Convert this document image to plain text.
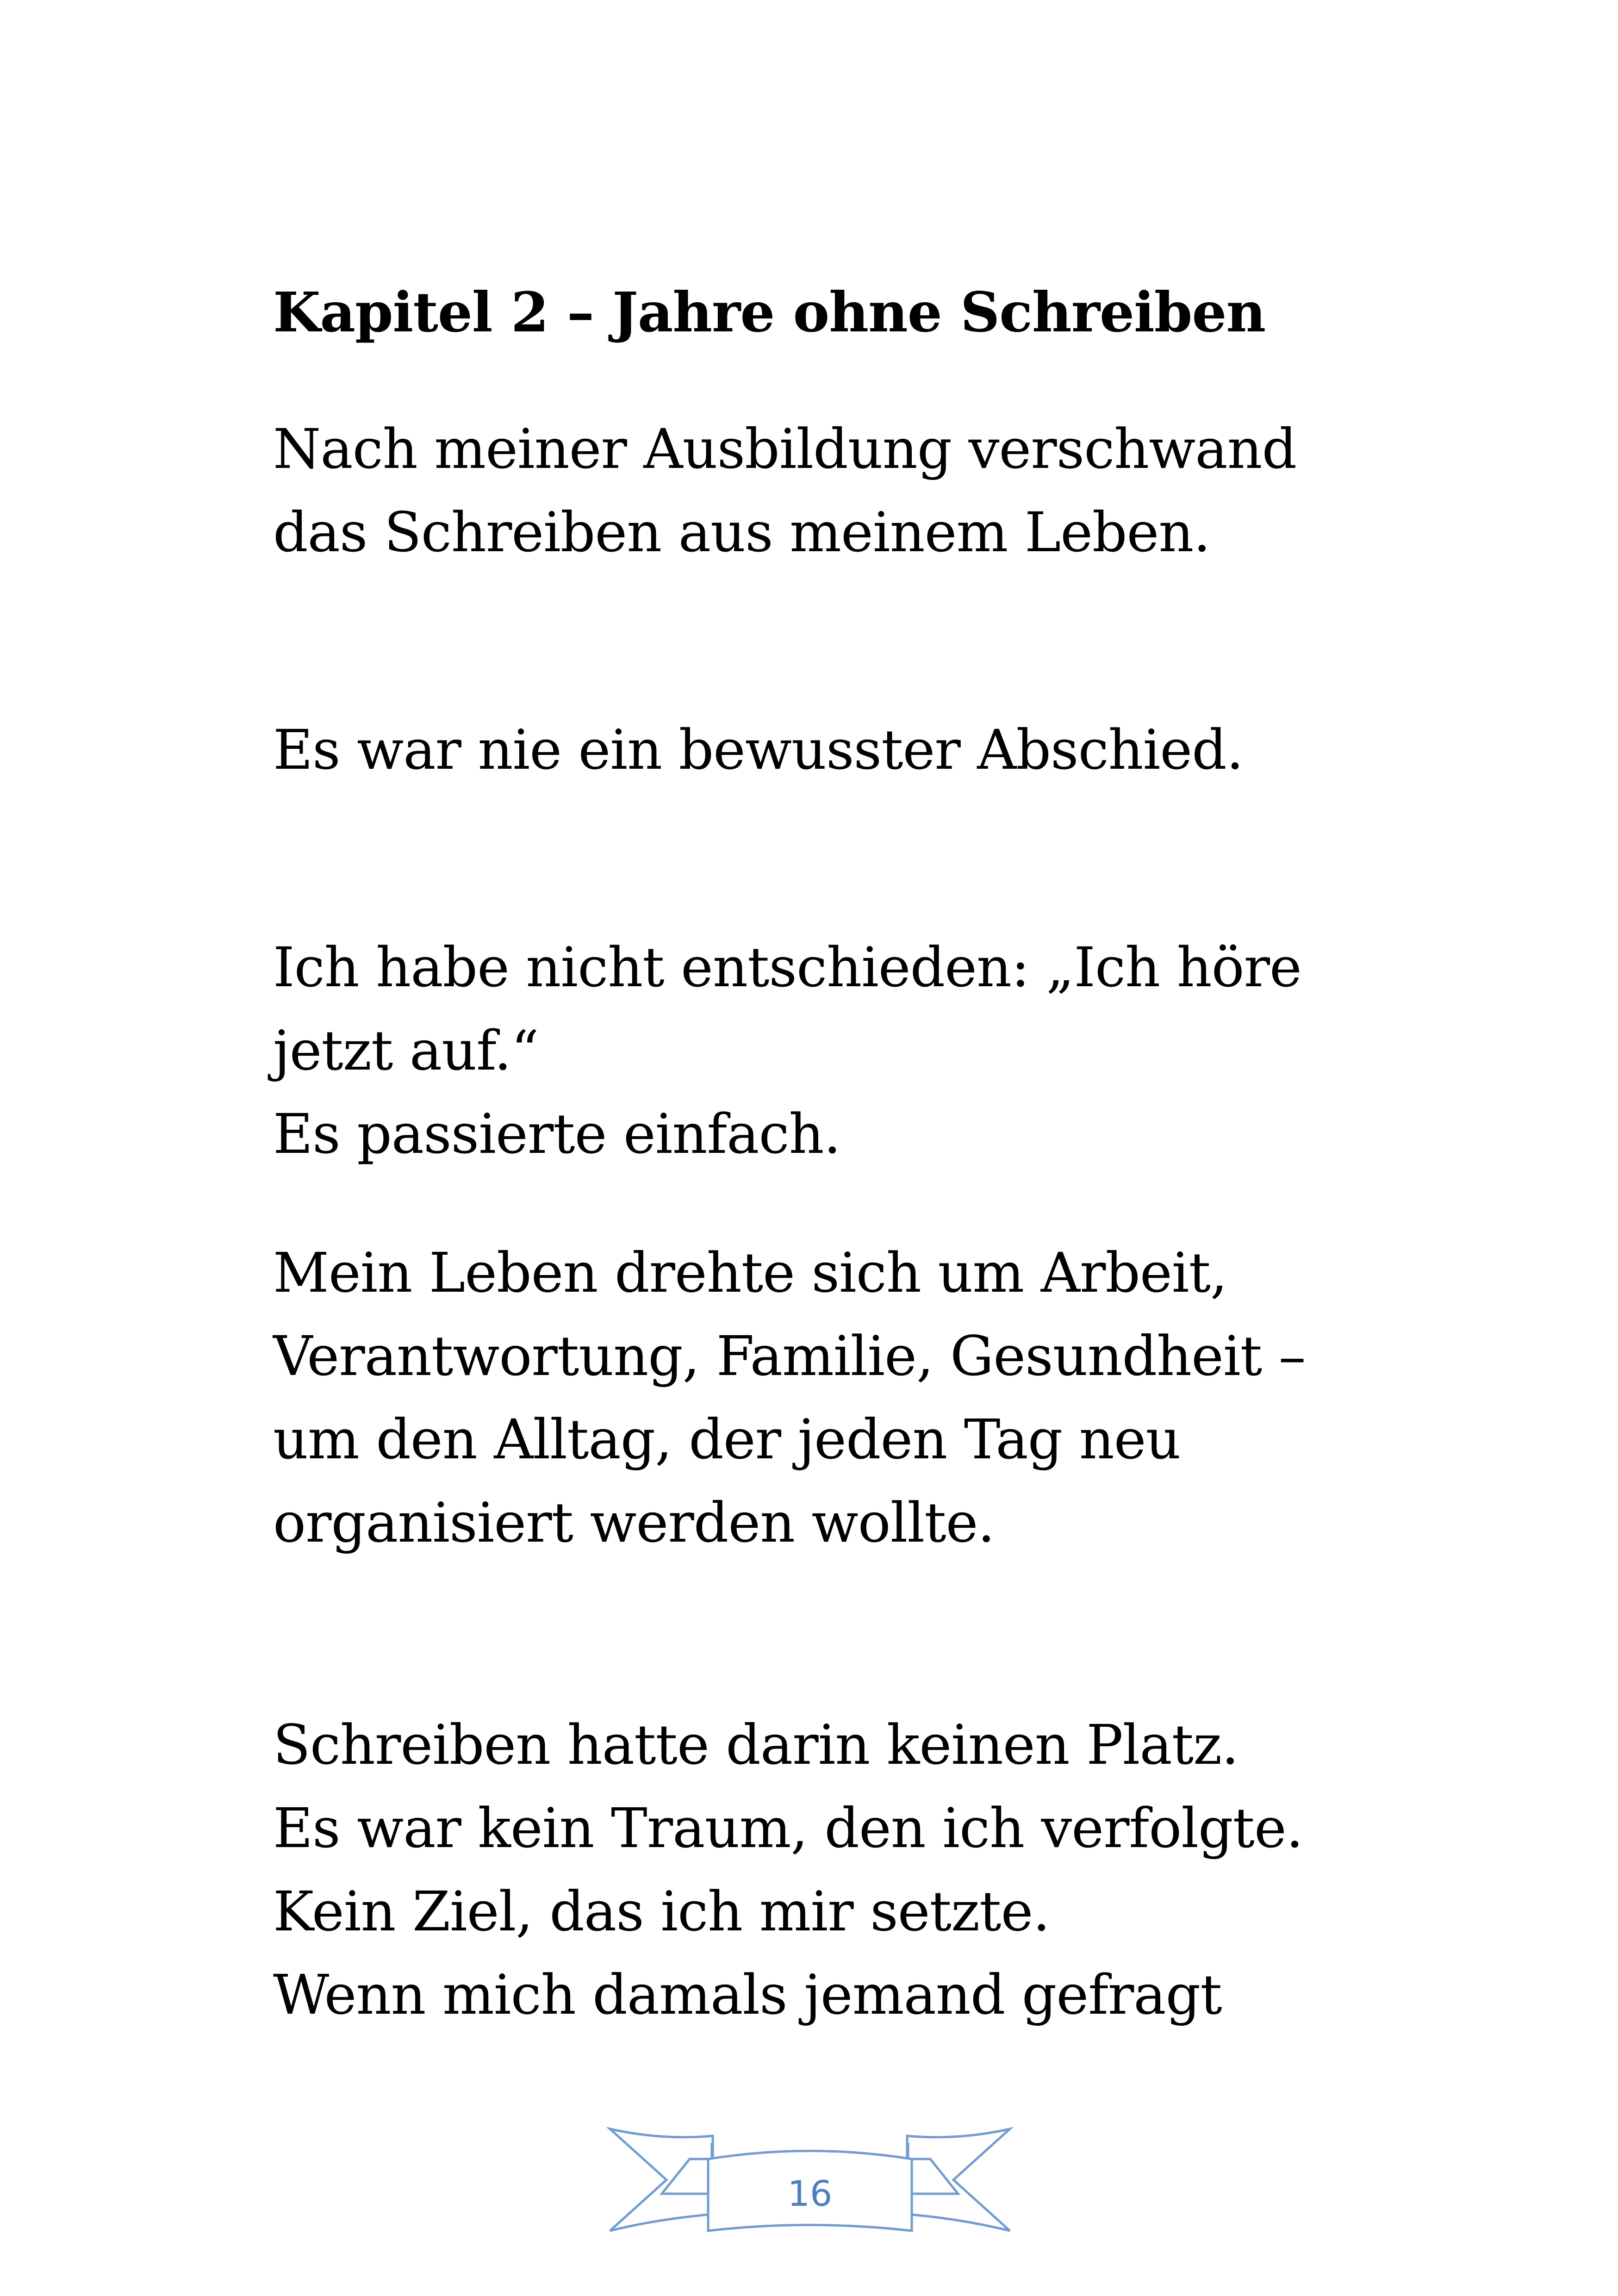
Kapitel 2 – Jahre ohne Schreiben
Nach meiner Ausbildung verschwand
das Schreiben aus meinem Leben.
Es war nie ein bewusster Abschied.
Ich habe nicht entschieden: „Ich höre
jetzt auf.“
Es passierte einfach.
Mein Leben drehte sich um Arbeit,
Verantwortung, Familie, Gesundheit –
um den Alltag, der jeden Tag neu
organisiert werden wollte.
Schreiben hatte darin keinen Platz.
Es war kein Traum, den ich verfolgte.
Kein Ziel, das ich mir setzte.
Wenn mich damals jemand gefragt
16
